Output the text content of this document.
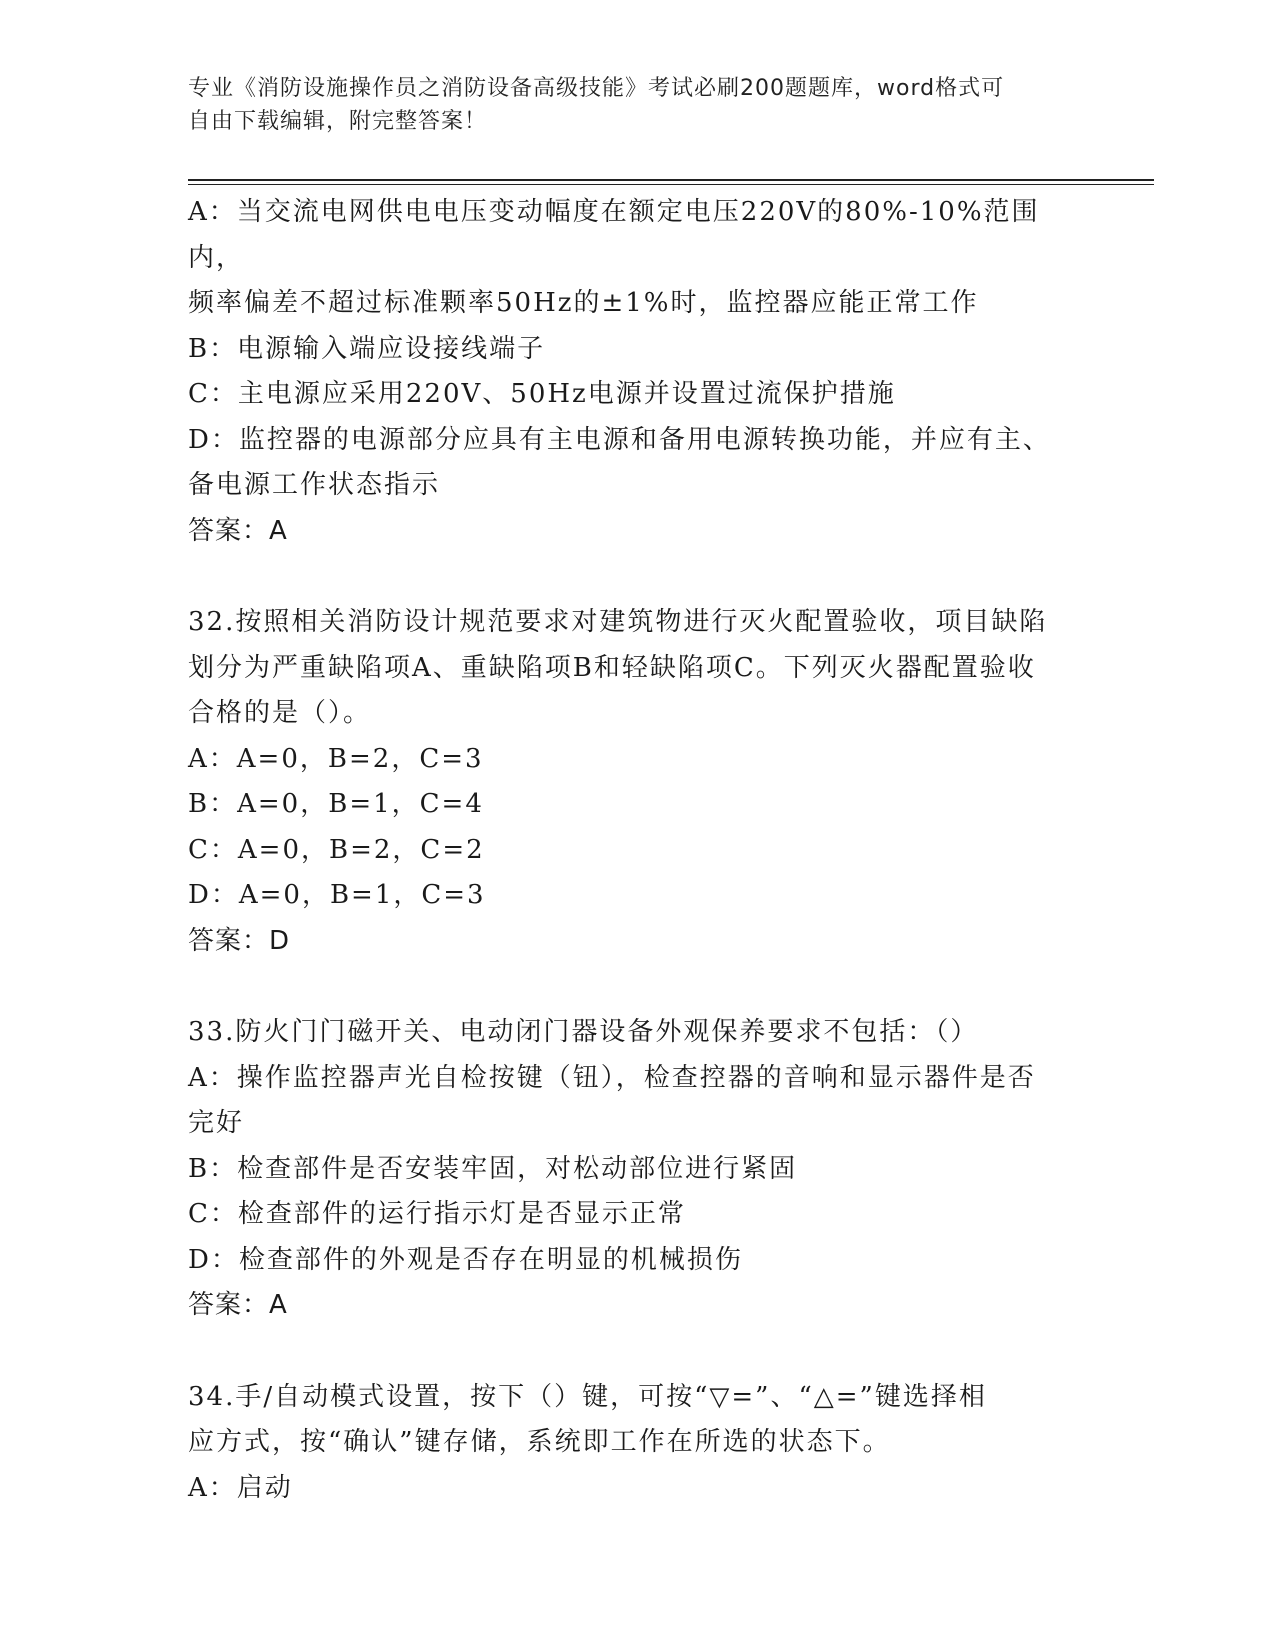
专业《消防设施操作员之消防设备高级技能》考试必刷200题题库，word格式可
自由下载编辑，附完整答案！
A：当交流电网供电电压变动幅度在额定电压220V的80%-10%范围内，
频率偏差不超过标准颗率50Hz的±1%时，监控器应能正常工作
B：电源输入端应设接线端子
C：主电源应采用220V、50Hz电源并设置过流保护措施
D：监控器的电源部分应具有主电源和备用电源转换功能，并应有主、
备电源工作状态指示
答案：A
32.按照相关消防设计规范要求对建筑物进行灭火配置验收，项目缺陷
划分为严重缺陷项A、重缺陷项B和轻缺陷项C。下列灭火器配置验收
合格的是（）。
A：A=0，B=2，C=3
B：A=0，B=1，C=4
C：A=0，B=2，C=2
D：A=0，B=1，C=3
答案：D
33.防火门门磁开关、电动闭门器设备外观保养要求不包括：（）
A：操作监控器声光自检按键（钮），检查控器的音响和显示器件是否
完好
B：检查部件是否安装牢固，对松动部位进行紧固
C：检查部件的运行指示灯是否显示正常
D：检查部件的外观是否存在明显的机械损伤
答案：A
34.手/自动模式设置，按下（）键，可按“▽=”、“△=”键选择相
应方式，按“确认”键存储，系统即工作在所选的状态下。
A：启动
